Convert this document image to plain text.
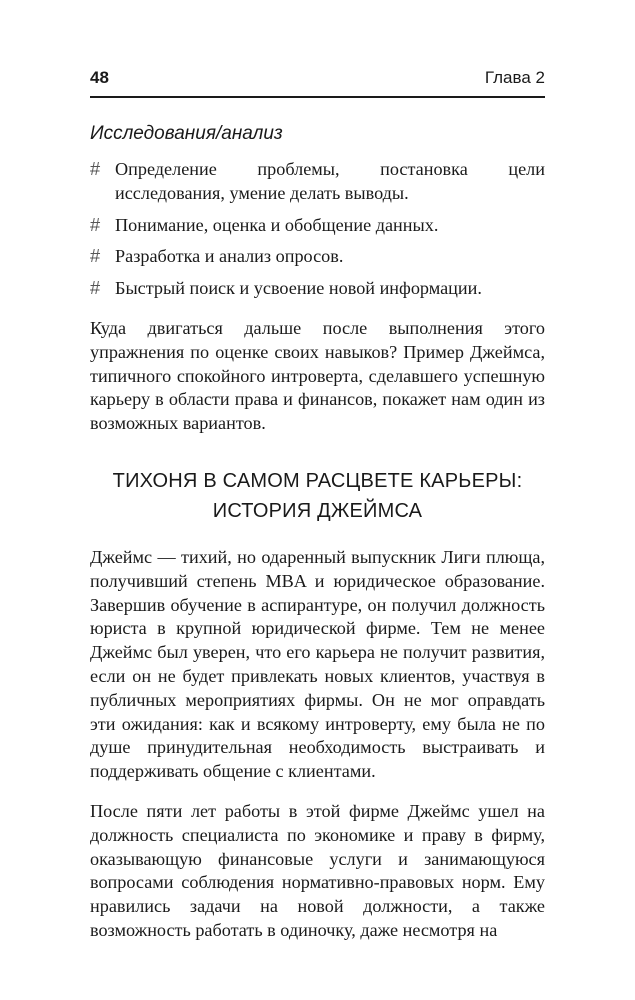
48	Глава 2
Исследования/анализ
# Определение проблемы, постановка цели исследования, умение делать выводы.
# Понимание, оценка и обобщение данных.
# Разработка и анализ опросов.
# Быстрый поиск и усвоение новой информации.

Куда двигаться дальше после выполнения этого упражнения по оценке своих навыков? Пример Джеймса, типичного спокойного интроверта, сделавшего успешную карьеру в области права и финансов, покажет нам один из возможных вариантов.

ТИХОНЯ В САМОМ РАСЦВЕТЕ КАРЬЕРЫ:
ИСТОРИЯ ДЖЕЙМСА

Джеймс — тихий, но одаренный выпускник Лиги плюща, получивший степень MBA и юридическое образование. Завершив обучение в аспирантуре, он получил должность юриста в крупной юридической фирме. Тем не менее Джеймс был уверен, что его карьера не получит развития, если он не будет привлекать новых клиентов, участвуя в публичных мероприятиях фирмы. Он не мог оправдать эти ожидания: как и всякому интроверту, ему была не по душе принудительная необходимость выстраивать и поддерживать общение с клиентами.

После пяти лет работы в этой фирме Джеймс ушел на должность специалиста по экономике и праву в фирму, оказывающую финансовые услуги и занимающуюся вопросами соблюдения нормативно-правовых норм. Ему нравились задачи на новой должности, а также возможность работать в одиночку, даже несмотря на
